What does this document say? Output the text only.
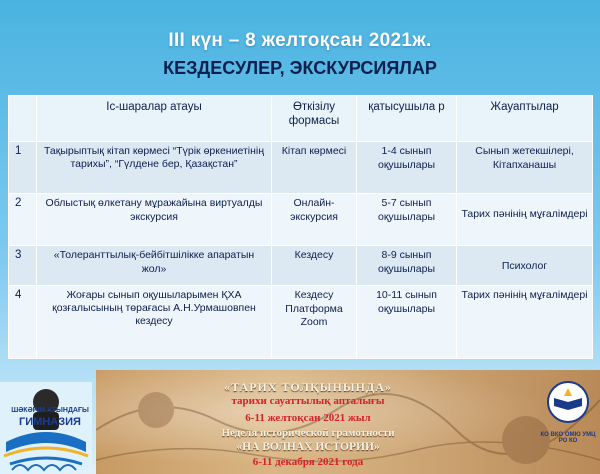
III күн – 8 желтоқсан 2021ж.
КЕЗДЕСУЛЕР, ЭКСКУРСИЯЛАР
	Іс-шаралар атауы	Өткізілу формасы	қатысушыла р	Жауаптылар
1	Тақырыптық кітап көрмесі “Түрік өркениетінің тарихы”, “Гүлдене бер, Қазақстан”	Кітап көрмесі	1-4 сынып оқушылары	Сынып жетекшілері, Кітапханашы
2	Облыстық өлкетану мұражайына виртуалды экскурсия	Онлайн-экскурсия	5-7 сынып оқушылары	Тарих пәнінің мұғалімдері
3	«Толеранттылық-бейбітшілікке апаратын жол»	Кездесу	8-9 сынып оқушылары	Психолог
4	Жоғары сынып оқушыларымен ҚХА қозғалысының төрағасы А.Н.Урмашовпен кездесу	Кездесу Платформа Zoom	10-11 сынып оқушылары	Тарих пәнінің мұғалімдері
ШӘКӘРІМ АТЫНДАҒЫ
ГИМНАЗИЯ
«ТАРИХ ТОЛҚЫНЫНДА»
тарихи сауаттылық апталығы
6-11 желтоқсан 2021 жыл
Неделя исторической грамотности
«НА ВОЛНАХ ИСТОРИИ»
6-11 декабря 2021 года
КО ВКО ОМЮ УМЦ РО КО
